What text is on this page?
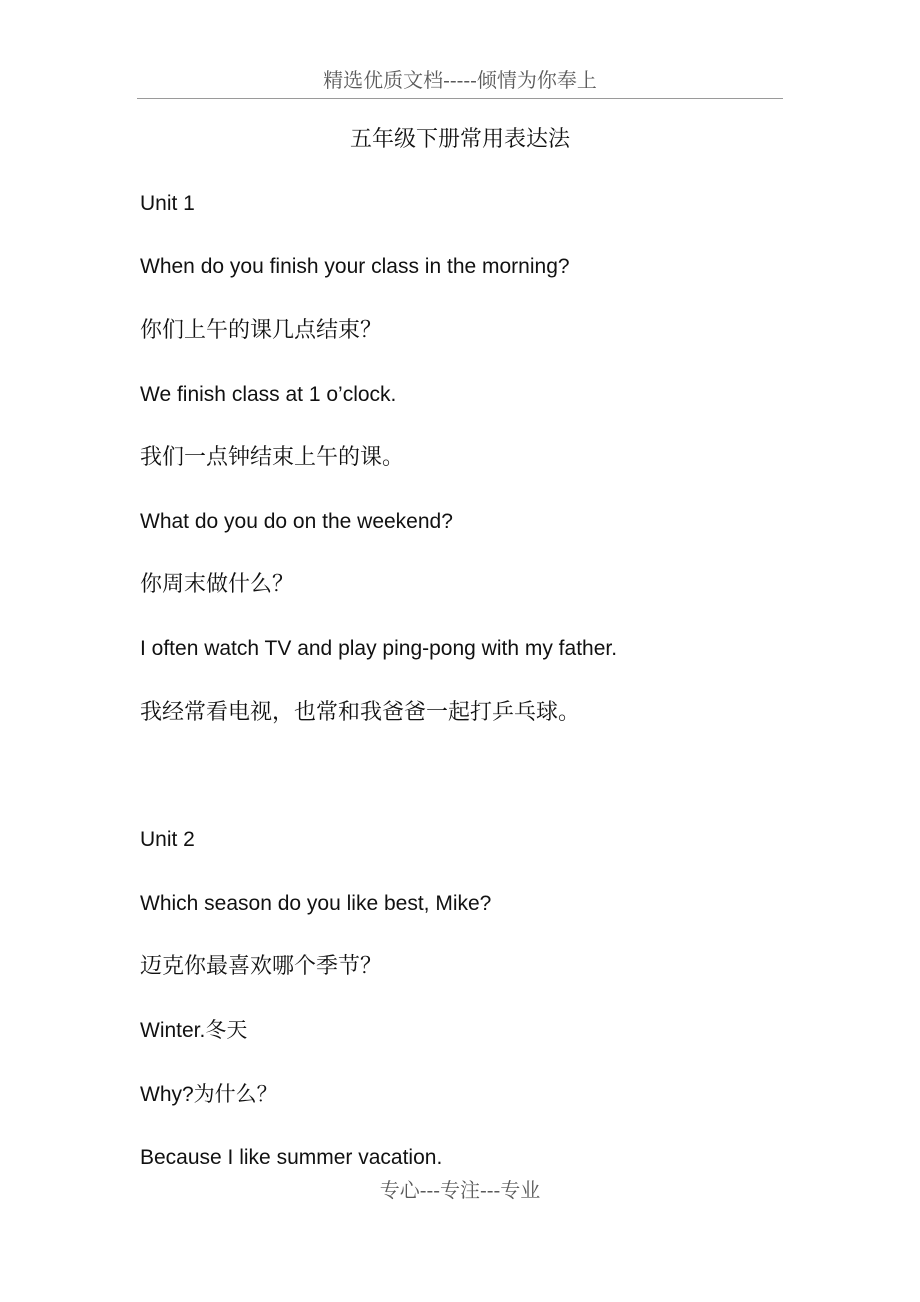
精选优质文档-----倾情为你奉上
五年级下册常用表达法
Unit 1
When do you finish your class in the morning?
你们上午的课几点结束？
We finish class at 1 o’clock.
我们一点钟结束上午的课。
What do you do on the weekend?
你周末做什么？
I often watch TV and play ping-pong with my father.
我经常看电视，也常和我爸爸一起打乒乓球。
Unit 2
Which season do you like best, Mike?
迈克你最喜欢哪个季节？
Winter.冬天
Why?为什么？
Because I like summer vacation.
专心---专注---专业
